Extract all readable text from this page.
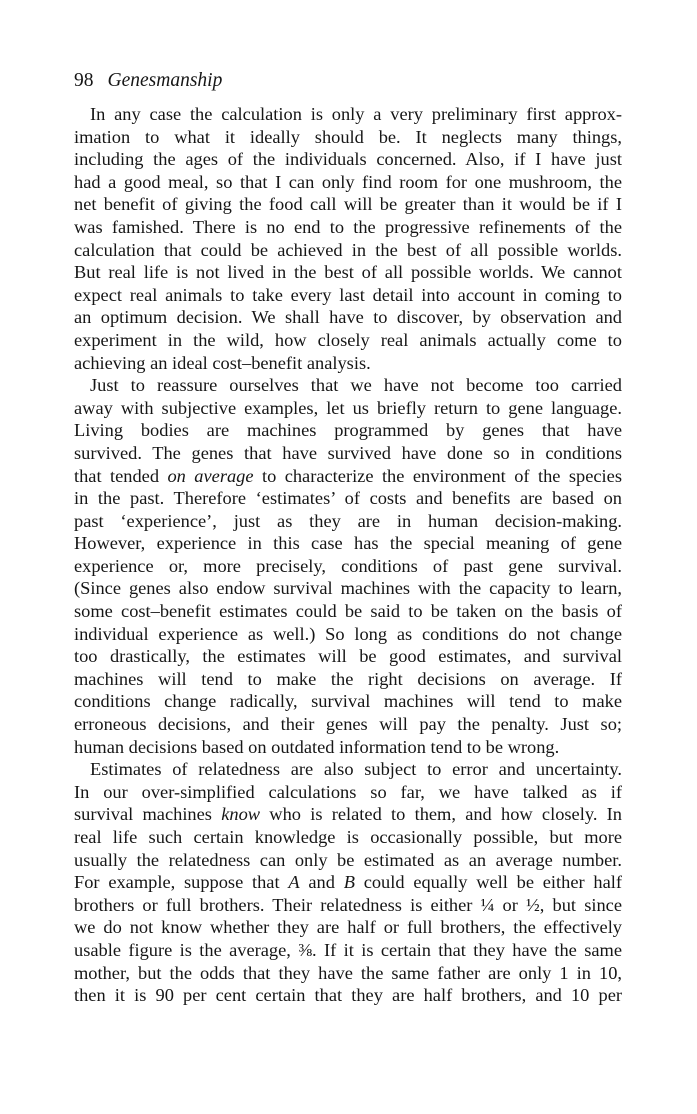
98 Genesmanship
In any case the calculation is only a very preliminary first approx-
imation to what it ideally should be. It neglects many things,
including the ages of the individuals concerned. Also, if I have just
had a good meal, so that I can only find room for one mushroom, the
net benefit of giving the food call will be greater than it would be if I
was famished. There is no end to the progressive refinements of the
calculation that could be achieved in the best of all possible worlds.
But real life is not lived in the best of all possible worlds. We cannot
expect real animals to take every last detail into account in coming to
an optimum decision. We shall have to discover, by observation and
experiment in the wild, how closely real animals actually come to
achieving an ideal cost–benefit analysis.
Just to reassure ourselves that we have not become too carried
away with subjective examples, let us briefly return to gene language.
Living bodies are machines programmed by genes that have
survived. The genes that have survived have done so in conditions
that tended on average to characterize the environment of the species
in the past. Therefore ‘estimates’ of costs and benefits are based on
past ‘experience’, just as they are in human decision-making.
However, experience in this case has the special meaning of gene
experience or, more precisely, conditions of past gene survival.
(Since genes also endow survival machines with the capacity to learn,
some cost–benefit estimates could be said to be taken on the basis of
individual experience as well.) So long as conditions do not change
too drastically, the estimates will be good estimates, and survival
machines will tend to make the right decisions on average. If
conditions change radically, survival machines will tend to make
erroneous decisions, and their genes will pay the penalty. Just so;
human decisions based on outdated information tend to be wrong.
Estimates of relatedness are also subject to error and uncertainty.
In our over-simplified calculations so far, we have talked as if
survival machines know who is related to them, and how closely. In
real life such certain knowledge is occasionally possible, but more
usually the relatedness can only be estimated as an average number.
For example, suppose that A and B could equally well be either half
brothers or full brothers. Their relatedness is either ¼ or ½, but since
we do not know whether they are half or full brothers, the effectively
usable figure is the average, ⅜. If it is certain that they have the same
mother, but the odds that they have the same father are only 1 in 10,
then it is 90 per cent certain that they are half brothers, and 10 per
